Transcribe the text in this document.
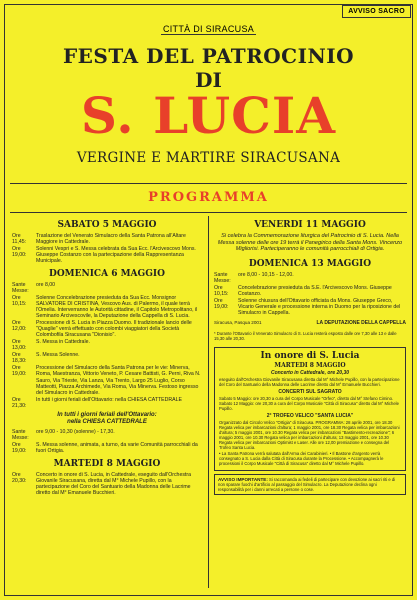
AVVISO SACRO
CITTÀ DI SIRACUSA
FESTA DEL PATROCINIO
DI
S. LUCIA
VERGINE E MARTIRE SIRACUSANA
PROGRAMMA
SABATO 5 MAGGIO
Ore 11,45:
Traslazione del Venerato Simulacro della Santa Patrona all'Altare Maggiore in Cattedrale.
Ore 19,00:
Solenni Vespri e S. Messa celebrata da Sua Ecc. l'Arcivescovo Mons. Giuseppe Costanzo con la partecipazione della Rappresentanza Municipale.
DOMENICA 6 MAGGIO
Sante Messe:
ore 8,00
Ore 10,15:
Solenne Concelebrazione presieduta da Sua Ecc. Monsignor SALVATORE DI CRISTINA, Vescovo Aus. di Palermo, il quale terrà l'Omelia. Interverranno le Autorità cittadine, il Capitolo Metropolitano, il Seminario Arcivescovile, la Deputazione della Cappella di S. Lucia.
Ore 12,00:
Processione di S. Lucia in Piazza Duomo. Il tradizionale lancio delle "Quaglie" verrà effettuato con colombi viaggiatori della Società Colombofila Siracusana "Dionisio".
Ore 13,00:
S. Messa in Cattedrale.
Ore 18,30:
S. Messa Solenne.
Ore 19,00:
Processione del Simulacro della Santa Patrona per le vie: Minerva, Roma, Maestranza, Vittorio Veneto, P. Cesare Battisti, G. Perni, Riva N. Sauro, Via Trieste, Via Lanza, Via Trento, Largo 25 Luglio, Corso Matteotti, Piazza Archimede, Via Roma, Via Minerva. Festoso ingresso del Simulacro in Cattedrale.
Ore 21,30:
In tutti i giorni feriali dell'Ottavario: nella CHIESA CATTEDRALE
In tutti i giorni feriali dell'Ottavario:
nella CHIESA CATTEDRALE
Sante Messe:
ore 9,00 - 10,30 (solenne) - 17,30.
Ore 19,00:
S. Messa solenne, animata, a turno, da varie Comunità parrocchiali da fuori Ortigia.
MARTEDI 8 MAGGIO
Ore 20,30:
Concerto in onore di S. Lucia, in Cattedrale, eseguito dall'Orchestra Giovanile Siracusana, diretta dal M° Michele Pupillo, con la partecipazione del Coro del Santuario della Madonna delle Lacrime diretto dal M° Emanuele Bucchieri.
VENERDI 11 MAGGIO
Si celebra la Commemorazione liturgica del Patrocinio di S. Lucia. Nella Messa solenne delle ore 19 terrà il Panegirico della Santa Mons. Vincenzo Migliorisi. Parteciperanno le comunità parrocchiali di Ortigia.
DOMENICA 13 MAGGIO
Sante Messe:
ore 8,00 - 10,15 - 12,00.
Ore 10,15:
Concelebrazione presieduta da S.E. l'Arcivescovo Mons. Giuseppe Costanzo.
Ore 19,00:
Solenne chiusura dell'Ottavario officiata da Mons. Giuseppe Greco, Vicario Generale e processione interna in Duomo per la riposizione del Simulacro in Cappella.
Siracusa, Pasqua 2001	LA DEPUTAZIONE DELLA CAPPELLA
* Durante l'Ottavario il Venerato Simulacro di S. Lucia resterà esposto dalle ore 7,30 alle 13 e dalle 15,30 alle 20,30.
In onore di S. Lucia
MARTEDI 8 MAGGIO
Concerto in Cattedrale, ore 20,30
eseguito dall'Orchestra Giovanile Siracusana diretta dal M° Michele Pupillo, con la partecipazione del Coro del Santuario della Madonna delle Lacrime diretto dal M° Emanuele Bucchieri.
CONCERTI SUL SAGRATO
Sabato 5 Maggio: ore 20,30 a cura del Corpo Musicale "Orfeo", diretto dal M° Stefano Cimino. Sabato 12 Maggio: ore 20,30 a cura del Corpo Musicale "Città di Siracusa" diretto dal M° Michele Pupillo.
2° TROFEO VELICO "SANTA LUCIA"
Organizzato dal Circolo Velico "Ortigia" di Siracusa. PROGRAMMA: 28 aprile 2001, ore 18.30 Regata velica per imbarcazioni d'altura; 1 maggio 2001, ore 18.30 Regata velica per imbarcazioni d'altura; 5 maggio 2001, ore 10.30 Regata velica per imbarcazioni "Bastimento-recreazione"; 6 maggio 2001, ore 10.30 Regata velica per imbarcazioni d'altura; 13 maggio 2001, ore 10.30 Regata velica per imbarcazioni Optimist e Laser. Alle ore 12,00 premiazione e consegna del Trofeo Santa Lucia.
• La Santa Patrona verrà salutata dall'Arma dei Carabinieri. • Il Bastone d'argento verrà consegnato a S. Lucia dalla Città di Siracusa durante la Processione. • Accompagnerà le processioni il Corpo Musicale "Città di Siracusa" diretto dal M° Michele Pupillo.
AVVISO IMPORTANTE: Si raccomanda ai fedeli di partecipare con devozione ai sacri riti e di non sparare fuochi d'artificio al passaggio del Simulacro. La Deputazione declina ogni responsabilità per i danni arrecati a persone o cose.
